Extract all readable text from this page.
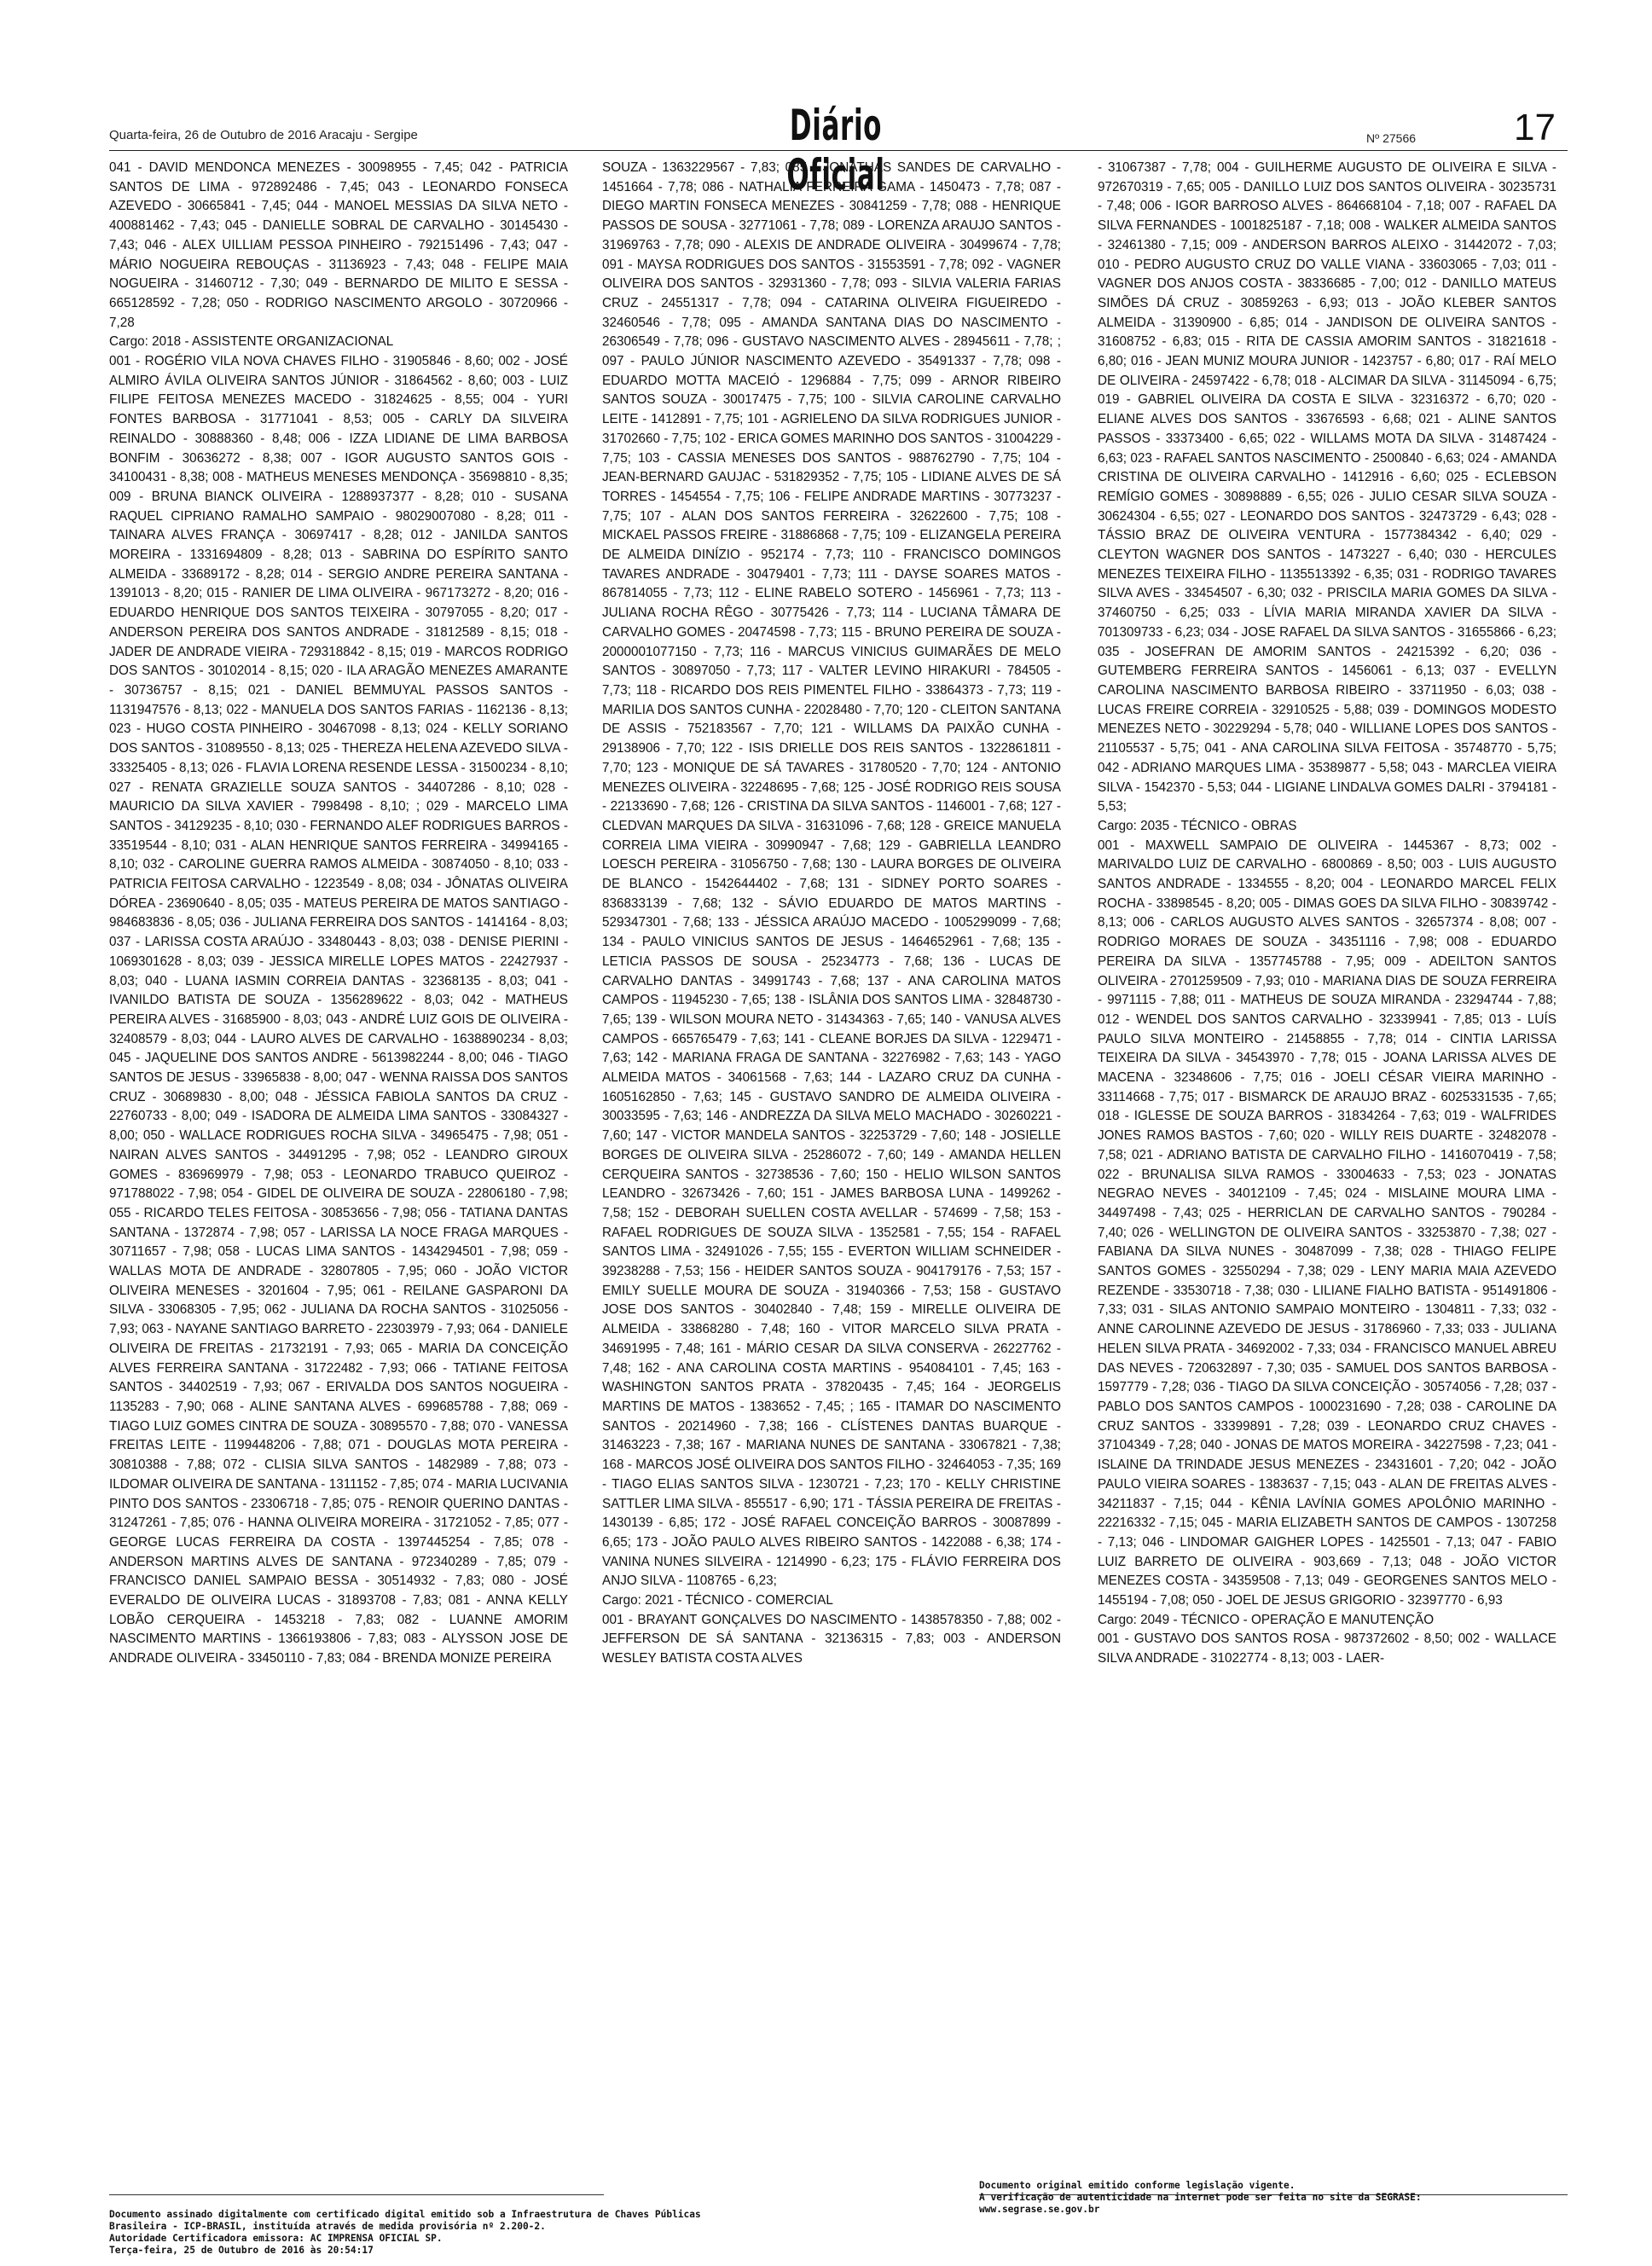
Quarta-feira, 26 de Outubro de 2016 Aracaju - Sergipe	Diário Oficial
Nº 27566	17

041 - DAVID MENDONCA MENEZES - 30098955 - 7,45; 042 - PATRICIA SANTOS DE LIMA - 972892486 - 7,45; 043 - LEONARDO FONSECA AZEVEDO - 30665841 - 7,45; 044 - MANOEL MESSIAS DA SILVA NETO - 400881462 - 7,43; 045 - DANIELLE SOBRAL DE CARVALHO - 30145430 - 7,43; 046 - ALEX UILLIAM PESSOA PINHEIRO - 792151496 - 7,43; 047 - MÁRIO NOGUEIRA REBOUÇAS - 31136923 - 7,43; 048 - FELIPE MAIA NOGUEIRA - 31460712 - 7,30; 049 - BERNARDO DE MILITO E SESSA - 665128592 - 7,28; 050 - RODRIGO NASCIMENTO ARGOLO - 30720966 - 7,28

Cargo: 2018 - ASSISTENTE ORGANIZACIONAL

001 - ROGÉRIO VILA NOVA CHAVES FILHO - 31905846 - 8,60; 002 - JOSÉ ALMIRO ÁVILA OLIVEIRA SANTOS JÚNIOR - 31864562 - 8,60; 003 - LUIZ FILIPE FEITOSA MENEZES MACEDO - 31824625 - 8,55; 004 - YURI FONTES BARBOSA - 31771041 - 8,53; 005 - CARLY DA SILVEIRA REINALDO - 30888360 - 8,48; 006 - IZZA LIDIANE DE LIMA BARBOSA BONFIM - 30636272 - 8,38; 007 - IGOR AUGUSTO SANTOS GOIS - 34100431 - 8,38; 008 - MATHEUS MENESES MENDONÇA - 35698810 - 8,35; 009 - BRUNA BIANCK OLIVEIRA - 1288937377 - 8,28; 010 - SUSANA RAQUEL CIPRIANO RAMALHO SAMPAIO - 98029007080 - 8,28; 011 - TAINARA ALVES FRANÇA - 30697417 - 8,28; 012 - JANILDA SANTOS MOREIRA - 1331694809 - 8,28; 013 - SABRINA DO ESPÍRITO SANTO ALMEIDA - 33689172 - 8,28; 014 - SERGIO ANDRE PEREIRA SANTANA - 1391013 - 8,20; 015 - RANIER DE LIMA OLIVEIRA - 967173272 - 8,20; 016 - EDUARDO HENRIQUE DOS SANTOS TEIXEIRA - 30797055 - 8,20; 017 - ANDERSON PEREIRA DOS SANTOS ANDRADE - 31812589 - 8,15; 018 - JADER DE ANDRADE VIEIRA - 729318842 - 8,15; 019 - MARCOS RODRIGO DOS SANTOS - 30102014 - 8,15; 020 - ILA ARAGÃO MENEZES AMARANTE - 30736757 - 8,15; 021 - DANIEL BEMMUYAL PASSOS SANTOS - 1131947576 - 8,13; 022 - MANUELA DOS SANTOS FARIAS - 1162136 - 8,13; 023 - HUGO COSTA PINHEIRO - 30467098 - 8,13; 024 - KELLY SORIANO DOS SANTOS - 31089550 - 8,13; 025 - THEREZA HELENA AZEVEDO SILVA - 33325405 - 8,13; 026 - FLAVIA LORENA RESENDE LESSA - 31500234 - 8,10; 027 - RENATA GRAZIELLE SOUZA SANTOS - 34407286 - 8,10; 028 - MAURICIO DA SILVA XAVIER - 7998498 - 8,10; ; 029 - MARCELO LIMA SANTOS - 34129235 - 8,10; 030 - FERNANDO ALEF RODRIGUES BARROS - 33519544 - 8,10; 031 - ALAN HENRIQUE SANTOS FERREIRA - 34994165 - 8,10; 032 - CAROLINE GUERRA RAMOS ALMEIDA - 30874050 - 8,10; 033 - PATRICIA FEITOSA CARVALHO - 1223549 - 8,08; 034 - JÔNATAS OLIVEIRA DÓREA - 23690640 - 8,05; 035 - MATEUS PEREIRA DE MATOS SANTIAGO - 984683836 - 8,05; 036 - JULIANA FERREIRA DOS SANTOS - 1414164 - 8,03; 037 - LARISSA COSTA ARAÚJO - 33480443 - 8,03; 038 - DENISE PIERINI - 1069301628 - 8,03; 039 - JESSICA MIRELLE LOPES MATOS - 22427937 - 8,03; 040 - LUANA IASMIN CORREIA DANTAS - 32368135 - 8,03; 041 - IVANILDO BATISTA DE SOUZA - 1356289622 - 8,03; 042 - MATHEUS PEREIRA ALVES - 31685900 - 8,03; 043 - ANDRÉ LUIZ GOIS DE OLIVEIRA - 32408579 - 8,03; 044 - LAURO ALVES DE CARVALHO - 1638890234 - 8,03; 045 - JAQUELINE DOS SANTOS ANDRE - 5613982244 - 8,00; 046 - TIAGO SANTOS DE JESUS - 33965838 - 8,00; 047 - WENNA RAISSA DOS SANTOS CRUZ - 30689830 - 8,00; 048 - JÉSSICA FABIOLA SANTOS DA CRUZ - 22760733 - 8,00; 049 - ISADORA DE ALMEIDA LIMA SANTOS - 33084327 - 8,00; 050 - WALLACE RODRIGUES ROCHA SILVA - 34965475 - 7,98; 051 - NAIRAN ALVES SANTOS - 34491295 - 7,98; 052 - LEANDRO GIROUX GOMES - 836969979 - 7,98; 053 - LEONARDO TRABUCO QUEIROZ - 971788022 - 7,98; 054 - GIDEL DE OLIVEIRA DE SOUZA - 22806180 - 7,98; 055 - RICARDO TELES FEITOSA - 30853656 - 7,98; 056 - TATIANA DANTAS SANTANA - 1372874 - 7,98; 057 - LARISSA LA NOCE FRAGA MARQUES - 30711657 - 7,98; 058 - LUCAS LIMA SANTOS - 1434294501 - 7,98; 059 - WALLAS MOTA DE ANDRADE - 32807805 - 7,95; 060 - JOÃO VICTOR OLIVEIRA MENESES - 3201604 - 7,95; 061 - REILANE GASPARONI DA SILVA - 33068305 - 7,95; 062 - JULIANA DA ROCHA SANTOS - 31025056 - 7,93; 063 - NAYANE SANTIAGO BARRETO - 22303979 - 7,93; 064 - DANIELE OLIVEIRA DE FREITAS - 21732191 - 7,93; 065 - MARIA DA CONCEIÇÃO ALVES FERREIRA SANTANA - 31722482 - 7,93; 066 - TATIANE FEITOSA SANTOS - 34402519 - 7,93; 067 - ERIVALDA DOS SANTOS NOGUEIRA - 1135283 - 7,90; 068 - ALINE SANTANA ALVES - 699685788 - 7,88; 069 - TIAGO LUIZ GOMES CINTRA DE SOUZA - 30895570 - 7,88; 070 - VANESSA FREITAS LEITE - 1199448206 - 7,88; 071 - DOUGLAS MOTA PEREIRA - 30810388 - 7,88; 072 - CLISIA SILVA SANTOS - 1482989 - 7,88; 073 - ILDOMAR OLIVEIRA DE SANTANA - 1311152 - 7,85; 074 - MARIA LUCIVANIA PINTO DOS SANTOS - 23306718 - 7,85; 075 - RENOIR QUERINO DANTAS - 31247261 - 7,85; 076 - HANNA OLIVEIRA MOREIRA - 31721052 - 7,85; 077 - GEORGE LUCAS FERREIRA DA COSTA - 1397445254 - 7,85; 078 - ANDERSON MARTINS ALVES DE SANTANA - 972340289 - 7,85; 079 - FRANCISCO DANIEL SAMPAIO BESSA - 30514932 - 7,83; 080 - JOSÉ EVERALDO DE OLIVEIRA LUCAS - 31893708 - 7,83; 081 - ANNA KELLY LOBÃO CERQUEIRA - 1453218 - 7,83; 082 - LUANNE AMORIM NASCIMENTO MARTINS - 1366193806 - 7,83; 083 - ALYSSON JOSE DE ANDRADE OLIVEIRA - 33450110 - 7,83; 084 - BRENDA MONIZE PEREIRA

SOUZA - 1363229567 - 7,83; 085 - JONATHAS SANDES DE CARVALHO - 1451664 - 7,78; 086 - NATHALIA FERREIRA GAMA - 1450473 - 7,78; 087 - DIEGO MARTIN FONSECA MENEZES - 30841259 - 7,78; 088 - HENRIQUE PASSOS DE SOUSA - 32771061 - 7,78; 089 - LORENZA ARAUJO SANTOS - 31969763 - 7,78; 090 - ALEXIS DE ANDRADE OLIVEIRA - 30499674 - 7,78; 091 - MAYSA RODRIGUES DOS SANTOS - 31553591 - 7,78; 092 - VAGNER OLIVEIRA DOS SANTOS - 32931360 - 7,78; 093 - SILVIA VALERIA FARIAS CRUZ - 24551317 - 7,78; 094 - CATARINA OLIVEIRA FIGUEIREDO - 32460546 - 7,78; 095 - AMANDA SANTANA DIAS DO NASCIMENTO - 26306549 - 7,78; 096 - GUSTAVO NASCIMENTO ALVES - 28945611 - 7,78; ; 097 - PAULO JÚNIOR NASCIMENTO AZEVEDO - 35491337 - 7,78; 098 - EDUARDO MOTTA MACEIÓ - 1296884 - 7,75; 099 - ARNOR RIBEIRO SANTOS SOUZA - 30017475 - 7,75; 100 - SILVIA CAROLINE CARVALHO LEITE - 1412891 - 7,75; 101 - AGRIELENO DA SILVA RODRIGUES JUNIOR - 31702660 - 7,75; 102 - ERICA GOMES MARINHO DOS SANTOS - 31004229 - 7,75; 103 - CASSIA MENESES DOS SANTOS - 988762790 - 7,75; 104 - JEAN-BERNARD GAUJAC - 531829352 - 7,75; 105 - LIDIANE ALVES DE SÁ TORRES - 1454554 - 7,75; 106 - FELIPE ANDRADE MARTINS - 30773237 - 7,75; 107 - ALAN DOS SANTOS FERREIRA - 32622600 - 7,75; 108 - MICKAEL PASSOS FREIRE - 31886868 - 7,75; 109 - ELIZANGELA PEREIRA DE ALMEIDA DINÍZIO - 952174 - 7,73; 110 - FRANCISCO DOMINGOS TAVARES ANDRADE - 30479401 - 7,73; 111 - DAYSE SOARES MATOS - 867814055 - 7,73; 112 - ELINE RABELO SOTERO - 1456961 - 7,73; 113 - JULIANA ROCHA RÊGO - 30775426 - 7,73; 114 - LUCIANA TÂMARA DE CARVALHO GOMES - 20474598 - 7,73; 115 - BRUNO PEREIRA DE SOUZA - 2000001077150 - 7,73; 116 - MARCUS VINICIUS GUIMARÃES DE MELO SANTOS - 30897050 - 7,73; 117 - VALTER LEVINO HIRAKURI - 784505 - 7,73; 118 - RICARDO DOS REIS PIMENTEL FILHO - 33864373 - 7,73; 119 - MARILIA DOS SANTOS CUNHA - 22028480 - 7,70; 120 - CLEITON SANTANA DE ASSIS - 752183567 - 7,70; 121 - WILLAMS DA PAIXÃO CUNHA - 29138906 - 7,70; 122 - ISIS DRIELLE DOS REIS SANTOS - 1322861811 - 7,70; 123 - MONIQUE DE SÁ TAVARES - 31780520 - 7,70; 124 - ANTONIO MENEZES OLIVEIRA - 32248695 - 7,68; 125 - JOSÉ RODRIGO REIS SOUSA - 22133690 - 7,68; 126 - CRISTINA DA SILVA SANTOS - 1146001 - 7,68; 127 - CLEDVAN MARQUES DA SILVA - 31631096 - 7,68; 128 - GREICE MANUELA CORREIA LIMA VIEIRA - 30990947 - 7,68; 129 - GABRIELLA LEANDRO LOESCH PEREIRA - 31056750 - 7,68; 130 - LAURA BORGES DE OLIVEIRA DE BLANCO - 1542644402 - 7,68; 131 - SIDNEY PORTO SOARES - 836833139 - 7,68; 132 - SÁVIO EDUARDO DE MATOS MARTINS - 529347301 - 7,68; 133 - JÉSSICA ARAÚJO MACEDO - 1005299099 - 7,68; 134 - PAULO VINICIUS SANTOS DE JESUS - 1464652961 - 7,68; 135 - LETICIA PASSOS DE SOUSA - 25234773 - 7,68; 136 - LUCAS DE CARVALHO DANTAS - 34991743 - 7,68; 137 - ANA CAROLINA MATOS CAMPOS - 11945230 - 7,65; 138 - ISLÂNIA DOS SANTOS LIMA - 32848730 - 7,65; 139 - WILSON MOURA NETO - 31434363 - 7,65; 140 - VANUSA ALVES CAMPOS - 665765479 - 7,63; 141 - CLEANE BORJES DA SILVA - 1229471 - 7,63; 142 - MARIANA FRAGA DE SANTANA - 32276982 - 7,63; 143 - YAGO ALMEIDA MATOS - 34061568 - 7,63; 144 - LAZARO CRUZ DA CUNHA - 1605162850 - 7,63; 145 - GUSTAVO SANDRO DE ALMEIDA OLIVEIRA - 30033595 - 7,63; 146 - ANDREZZA DA SILVA MELO MACHADO - 30260221 - 7,60; 147 - VICTOR MANDELA SANTOS - 32253729 - 7,60; 148 - JOSIELLE BORGES DE OLIVEIRA SILVA - 25286072 - 7,60; 149 - AMANDA HELLEN CERQUEIRA SANTOS - 32738536 - 7,60; 150 - HELIO WILSON SANTOS LEANDRO - 32673426 - 7,60; 151 - JAMES BARBOSA LUNA - 1499262 - 7,58; 152 - DEBORAH SUELLEN COSTA AVELLAR - 574699 - 7,58; 153 - RAFAEL RODRIGUES DE SOUZA SILVA - 1352581 - 7,55; 154 - RAFAEL SANTOS LIMA - 32491026 - 7,55; 155 - EVERTON WILLIAM SCHNEIDER - 39238288 - 7,53; 156 - HEIDER SANTOS SOUZA - 904179176 - 7,53; 157 - EMILY SUELLE MOURA DE SOUZA - 31940366 - 7,53; 158 - GUSTAVO JOSE DOS SANTOS - 30402840 - 7,48; 159 - MIRELLE OLIVEIRA DE ALMEIDA - 33868280 - 7,48; 160 - VITOR MARCELO SILVA PRATA - 34691995 - 7,48; 161 - MÁRIO CESAR DA SILVA CONSERVA - 26227762 - 7,48; 162 - ANA CAROLINA COSTA MARTINS - 954084101 - 7,45; 163 - WASHINGTON SANTOS PRATA - 37820435 - 7,45; 164 - JEORGELIS MARTINS DE MATOS - 1383652 - 7,45; ; 165 - ITAMAR DO NASCIMENTO SANTOS - 20214960 - 7,38; 166 - CLÍSTENES DANTAS BUARQUE - 31463223 - 7,38; 167 - MARIANA NUNES DE SANTANA - 33067821 - 7,38; 168 - MARCOS JOSÉ OLIVEIRA DOS SANTOS FILHO - 32464053 - 7,35; 169 - TIAGO ELIAS SANTOS SILVA - 1230721 - 7,23; 170 - KELLY CHRISTINE SATTLER LIMA SILVA - 855517 - 6,90; 171 - TÁSSIA PEREIRA DE FREITAS - 1430139 - 6,85; 172 - JOSÉ RAFAEL CONCEIÇÃO BARROS - 30087899 - 6,65; 173 - JOÃO PAULO ALVES RIBEIRO SANTOS - 1422088 - 6,38; 174 - VANINA NUNES SILVEIRA - 1214990 - 6,23; 175 - FLÁVIO FERREIRA DOS ANJO SILVA - 1108765 - 6,23;

Cargo: 2021 - TÉCNICO - COMERCIAL

001 - BRAYANT GONÇALVES DO NASCIMENTO - 1438578350 - 7,88; 002 - JEFFERSON DE SÁ SANTANA - 32136315 - 7,83; 003 - ANDERSON WESLEY BATISTA COSTA ALVES

- 31067387 - 7,78; 004 - GUILHERME AUGUSTO DE OLIVEIRA E SILVA - 972670319 - 7,65; 005 - DANILLO LUIZ DOS SANTOS OLIVEIRA - 30235731 - 7,48; 006 - IGOR BARROSO ALVES - 864668104 - 7,18; 007 - RAFAEL DA SILVA FERNANDES - 1001825187 - 7,18; 008 - WALKER ALMEIDA SANTOS - 32461380 - 7,15; 009 - ANDERSON BARROS ALEIXO - 31442072 - 7,03; 010 - PEDRO AUGUSTO CRUZ DO VALLE VIANA - 33603065 - 7,03; 011 - VAGNER DOS ANJOS COSTA - 38336685 - 7,00; 012 - DANILLO MATEUS SIMÕES DÁ CRUZ - 30859263 - 6,93; 013 - JOÃO KLEBER SANTOS ALMEIDA - 31390900 - 6,85; 014 - JANDISON DE OLIVEIRA SANTOS - 31608752 - 6,83; 015 - RITA DE CASSIA AMORIM SANTOS - 31821618 - 6,80; 016 - JEAN MUNIZ MOURA JUNIOR - 1423757 - 6,80; 017 - RAÍ MELO DE OLIVEIRA - 24597422 - 6,78; 018 - ALCIMAR DA SILVA - 31145094 - 6,75; 019 - GABRIEL OLIVEIRA DA COSTA E SILVA - 32316372 - 6,70; 020 - ELIANE ALVES DOS SANTOS - 33676593 - 6,68; 021 - ALINE SANTOS PASSOS - 33373400 - 6,65; 022 - WILLAMS MOTA DA SILVA - 31487424 - 6,63; 023 - RAFAEL SANTOS NASCIMENTO - 2500840 - 6,63; 024 - AMANDA CRISTINA DE OLIVEIRA CARVALHO - 1412916 - 6,60; 025 - ECLEBSON REMÍGIO GOMES - 30898889 - 6,55; 026 - JULIO CESAR SILVA SOUZA - 30624304 - 6,55; 027 - LEONARDO DOS SANTOS - 32473729 - 6,43; 028 - TÁSSIO BRAZ DE OLIVEIRA VENTURA - 1577384342 - 6,40; 029 - CLEYTON WAGNER DOS SANTOS - 1473227 - 6,40; 030 - HERCULES MENEZES TEIXEIRA FILHO - 1135513392 - 6,35; 031 - RODRIGO TAVARES SILVA AVES - 33454507 - 6,30; 032 - PRISCILA MARIA GOMES DA SILVA - 37460750 - 6,25; 033 - LÍVIA MARIA MIRANDA XAVIER DA SILVA - 701309733 - 6,23; 034 - JOSE RAFAEL DA SILVA SANTOS - 31655866 - 6,23; 035 - JOSEFRAN DE AMORIM SANTOS - 24215392 - 6,20; 036 - GUTEMBERG FERREIRA SANTOS - 1456061 - 6,13; 037 - EVELLYN CAROLINA NASCIMENTO BARBOSA RIBEIRO - 33711950 - 6,03; 038 - LUCAS FREIRE CORREIA - 32910525 - 5,88; 039 - DOMINGOS MODESTO MENEZES NETO - 30229294 - 5,78; 040 - WILLIANE LOPES DOS SANTOS - 21105537 - 5,75; 041 - ANA CAROLINA SILVA FEITOSA - 35748770 - 5,75; 042 - ADRIANO MARQUES LIMA - 35389877 - 5,58; 043 - MARCLEA VIEIRA SILVA - 1542370 - 5,53; 044 - LIGIANE LINDALVA GOMES DALRI - 3794181 - 5,53;

Cargo: 2035 - TÉCNICO - OBRAS

001 - MAXWELL SAMPAIO DE OLIVEIRA - 1445367 - 8,73; 002 - MARIVALDO LUIZ DE CARVALHO - 6800869 - 8,50; 003 - LUIS AUGUSTO SANTOS ANDRADE - 1334555 - 8,20; 004 - LEONARDO MARCEL FELIX ROCHA - 33898545 - 8,20; 005 - DIMAS GOES DA SILVA FILHO - 30839742 - 8,13; 006 - CARLOS AUGUSTO ALVES SANTOS - 32657374 - 8,08; 007 - RODRIGO MORAES DE SOUZA - 34351116 - 7,98; 008 - EDUARDO PEREIRA DA SILVA - 1357745788 - 7,95; 009 - ADEILTON SANTOS OLIVEIRA - 2701259509 - 7,93; 010 - MARIANA DIAS DE SOUZA FERREIRA - 9971115 - 7,88; 011 - MATHEUS DE SOUZA MIRANDA - 23294744 - 7,88; 012 - WENDEL DOS SANTOS CARVALHO - 32339941 - 7,85; 013 - LUÍS PAULO SILVA MONTEIRO - 21458855 - 7,78; 014 - CINTIA LARISSA TEIXEIRA DA SILVA - 34543970 - 7,78; 015 - JOANA LARISSA ALVES DE MACENA - 32348606 - 7,75; 016 - JOELI CÉSAR VIEIRA MARINHO - 33114668 - 7,75; 017 - BISMARCK DE ARAUJO BRAZ - 6025331535 - 7,65; 018 - IGLESSE DE SOUZA BARROS - 31834264 - 7,63; 019 - WALFRIDES JONES RAMOS BASTOS - 7,60; 020 - WILLY REIS DUARTE - 32482078 - 7,58; 021 - ADRIANO BATISTA DE CARVALHO FILHO - 1416070419 - 7,58; 022 - BRUNALISA SILVA RAMOS - 33004633 - 7,53; 023 - JONATAS NEGRAO NEVES - 34012109 - 7,45; 024 - MISLAINE MOURA LIMA - 34497498 - 7,43; 025 - HERRICLAN DE CARVALHO SANTOS - 790284 - 7,40; 026 - WELLINGTON DE OLIVEIRA SANTOS - 33253870 - 7,38; 027 - FABIANA DA SILVA NUNES - 30487099 - 7,38; 028 - THIAGO FELIPE SANTOS GOMES - 32550294 - 7,38; 029 - LENY MARIA MAIA AZEVEDO REZENDE - 33530718 - 7,38; 030 - LILIANE FIALHO BATISTA - 951491806 - 7,33; 031 - SILAS ANTONIO SAMPAIO MONTEIRO - 1304811 - 7,33; 032 - ANNE CAROLINNE AZEVEDO DE JESUS - 31786960 - 7,33; 033 - JULIANA HELEN SILVA PRATA - 34692002 - 7,33; 034 - FRANCISCO MANUEL ABREU DAS NEVES - 720632897 - 7,30; 035 - SAMUEL DOS SANTOS BARBOSA - 1597779 - 7,28; 036 - TIAGO DA SILVA CONCEIÇÃO - 30574056 - 7,28; 037 - PABLO DOS SANTOS CAMPOS - 1000231690 - 7,28; 038 - CAROLINE DA CRUZ SANTOS - 33399891 - 7,28; 039 - LEONARDO CRUZ CHAVES - 37104349 - 7,28; 040 - JONAS DE MATOS MOREIRA - 34227598 - 7,23; 041 - ISLAINE DA TRINDADE JESUS MENEZES - 23431601 - 7,20; 042 - JOÃO PAULO VIEIRA SOARES - 1383637 - 7,15; 043 - ALAN DE FREITAS ALVES - 34211837 - 7,15; 044 - KÊNIA LAVÍNIA GOMES APOLÔNIO MARINHO - 22216332 - 7,15; 045 - MARIA ELIZABETH SANTOS DE CAMPOS - 1307258 - 7,13; 046 - LINDOMAR GAIGHER LOPES - 1425501 - 7,13; 047 - FABIO LUIZ BARRETO DE OLIVEIRA - 903,669 - 7,13; 048 - JOÃO VICTOR MENEZES COSTA - 34359508 - 7,13; 049 - GEORGENES SANTOS MELO - 1455194 - 7,08; 050 - JOEL DE JESUS GRIGORIO - 32397770 - 6,93

Cargo: 2049 - TÉCNICO - OPERAÇÃO E MANUTENÇÃO

001 - GUSTAVO DOS SANTOS ROSA - 987372602 - 8,50; 002 - WALLACE SILVA ANDRADE - 31022774 - 8,13; 003 - LAER-

Documento assinado digitalmente com certificado digital emitido sob a Infraestrutura de Chaves Públicas
Brasileira - ICP-BRASIL, instituída através de medida provisória nº 2.200-2.
Autoridade Certificadora emissora: AC IMPRENSA OFICIAL SP.
Terça-feira, 25 de Outubro de 2016 às 20:54:17
Documento original emitido conforme legislação vigente.
A verificação de autenticidade na internet pode ser feita no site da SEGRASE:
www.segrase.se.gov.br
